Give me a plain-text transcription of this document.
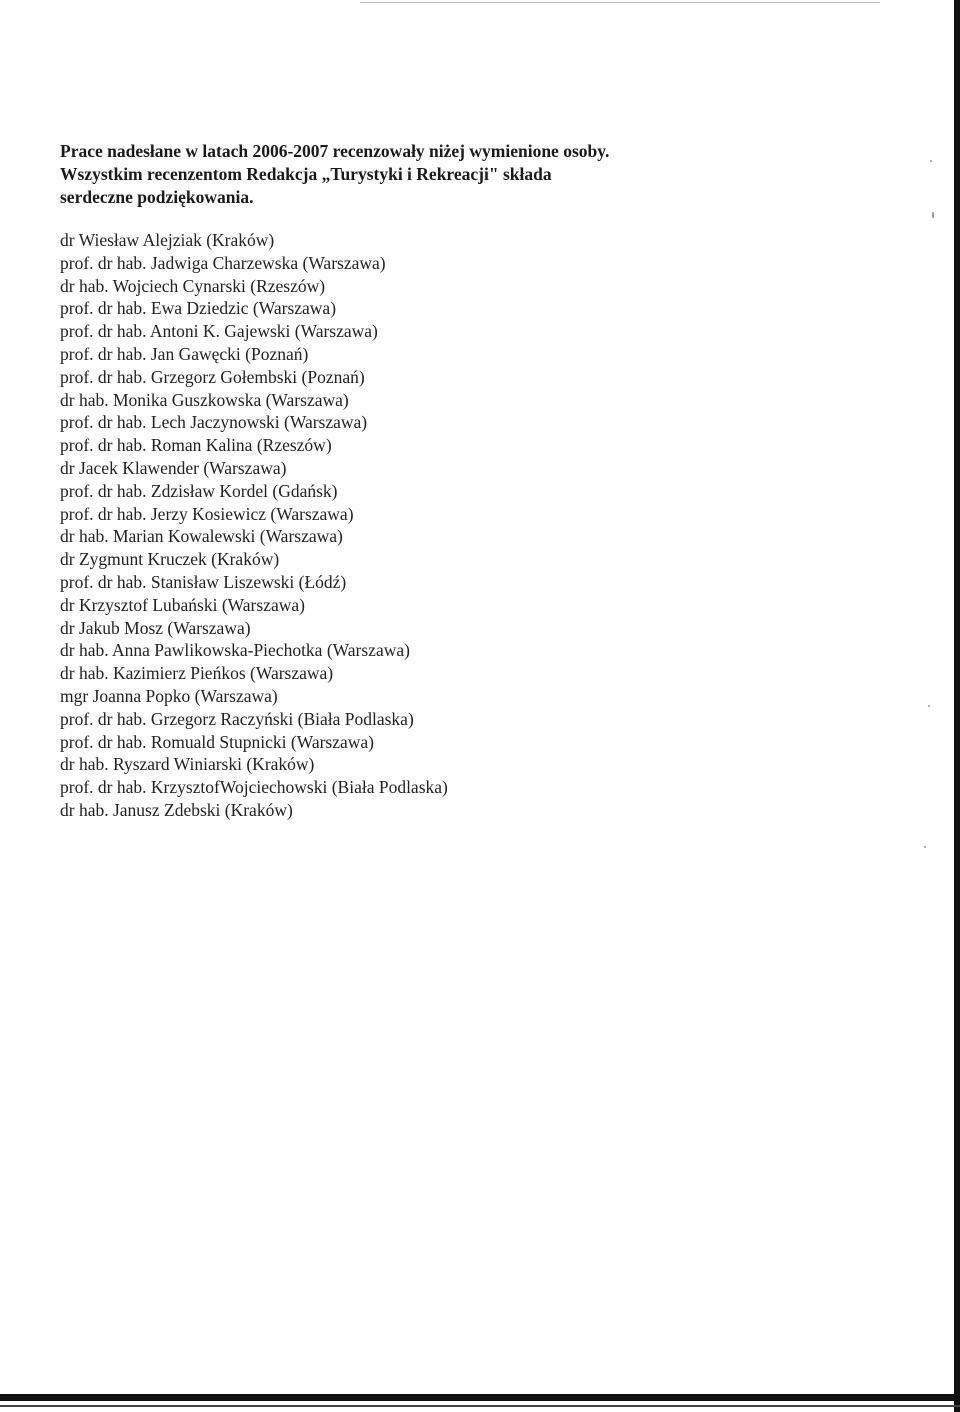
Prace nadesłane w latach 2006-2007 recenzowały niżej wymienione osoby.

Wszystkim recenzentom Redakcja „Turystyki i Rekreacji" składa

serdeczne podziękowania.

dr Wiesław Alejziak (Kraków)
prof. dr hab. Jadwiga Charzewska (Warszawa)
dr hab. Wojciech Cynarski (Rzeszów)
prof. dr hab. Ewa Dziedzic (Warszawa)
prof. dr hab. Antoni K. Gajewski (Warszawa)
prof. dr hab. Jan Gawęcki (Poznań)
prof. dr hab. Grzegorz Gołembski (Poznań)
dr hab. Monika Guszkowska (Warszawa)
prof. dr hab. Lech Jaczynowski (Warszawa)
prof. dr hab. Roman Kalina (Rzeszów)
dr Jacek Klawender (Warszawa)
prof. dr hab. Zdzisław Kordel (Gdańsk)
prof. dr hab. Jerzy Kosiewicz (Warszawa)
dr hab. Marian Kowalewski (Warszawa)
dr Zygmunt Kruczek (Kraków)
prof. dr hab. Stanisław Liszewski (Łódź)
dr Krzysztof Lubański (Warszawa)
dr Jakub Mosz (Warszawa)
dr hab. Anna Pawlikowska-Piechotka (Warszawa)
dr hab. Kazimierz Pieńkos (Warszawa)
mgr Joanna Popko (Warszawa)
prof. dr hab. Grzegorz Raczyński (Biała Podlaska)
prof. dr hab. Romuald Stupnicki (Warszawa)
dr hab. Ryszard Winiarski (Kraków)
prof. dr hab. KrzysztofWojciechowski (Biała Podlaska)
dr hab. Janusz Zdebski (Kraków)
